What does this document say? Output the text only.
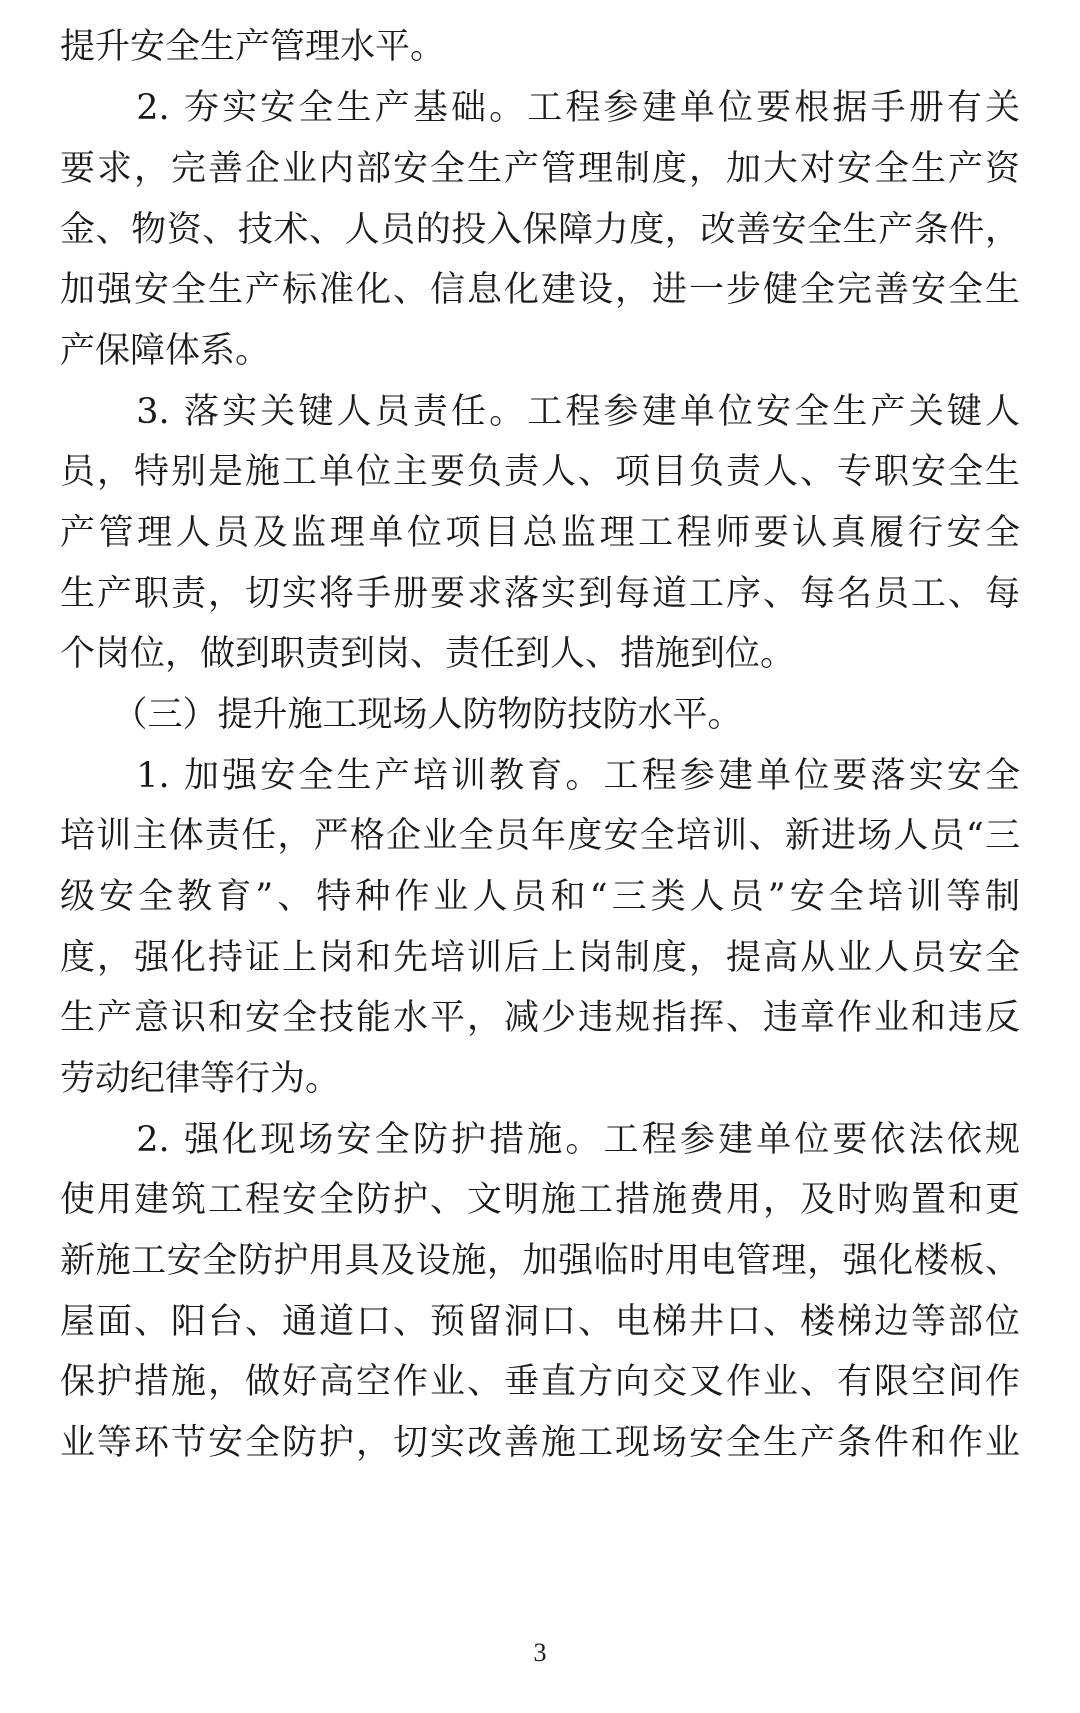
提升安全生产管理水平。
　　2. 夯实安全生产基础。工程参建单位要根据手册有关
要求，完善企业内部安全生产管理制度，加大对安全生产资
金、物资、技术、人员的投入保障力度，改善安全生产条件，
加强安全生产标准化、信息化建设，进一步健全完善安全生
产保障体系。
　　3. 落实关键人员责任。工程参建单位安全生产关键人
员，特别是施工单位主要负责人、项目负责人、专职安全生
产管理人员及监理单位项目总监理工程师要认真履行安全
生产职责，切实将手册要求落实到每道工序、每名员工、每
个岗位，做到职责到岗、责任到人、措施到位。
　　（三）提升施工现场人防物防技防水平。
　　1. 加强安全生产培训教育。工程参建单位要落实安全
培训主体责任，严格企业全员年度安全培训、新进场人员“三
级安全教育”、特种作业人员和“三类人员”安全培训等制
度，强化持证上岗和先培训后上岗制度，提高从业人员安全
生产意识和安全技能水平，减少违规指挥、违章作业和违反
劳动纪律等行为。
　　2. 强化现场安全防护措施。工程参建单位要依法依规
使用建筑工程安全防护、文明施工措施费用，及时购置和更
新施工安全防护用具及设施，加强临时用电管理，强化楼板、
屋面、阳台、通道口、预留洞口、电梯井口、楼梯边等部位
保护措施，做好高空作业、垂直方向交叉作业、有限空间作
业等环节安全防护，切实改善施工现场安全生产条件和作业
3
